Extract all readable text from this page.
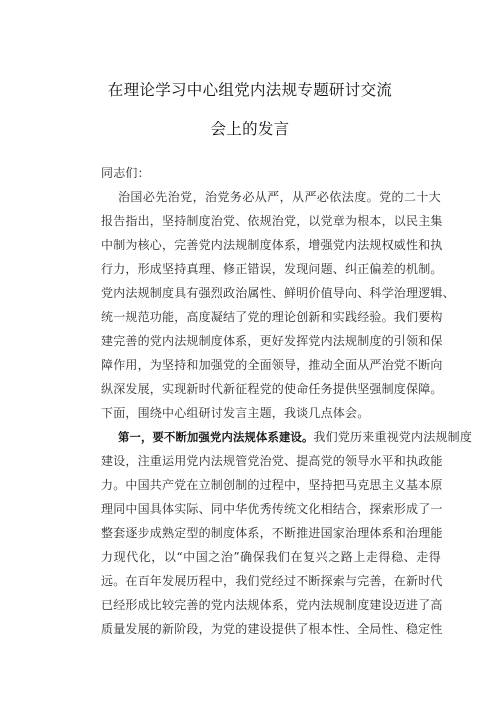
在理论学习中心组党内法规专题研讨交流
会上的发言
同志们：
治国必先治党，治党务必从严，从严必依法度。党的二十大
报告指出，坚持制度治党、依规治党，以党章为根本，以民主集
中制为核心，完善党内法规制度体系，增强党内法规权威性和执
行力，形成坚持真理、修正错误，发现问题、纠正偏差的机制。
党内法规制度具有强烈政治属性、鲜明价值导向、科学治理逻辑、
统一规范功能，高度凝结了党的理论创新和实践经验。我们要构
建完善的党内法规制度体系，更好发挥党内法规制度的引领和保
障作用，为坚持和加强党的全面领导，推动全面从严治党不断向
纵深发展，实现新时代新征程党的使命任务提供坚强制度保障。
下面，围绕中心组研讨发言主题，我谈几点体会。
第一，要不断加强党内法规体系建设。我们党历来重视党内法规制度
建设，注重运用党内法规管党治党、提高党的领导水平和执政能
力。中国共产党在立制创制的过程中，坚持把马克思主义基本原
理同中国具体实际、同中华优秀传统文化相结合，探索形成了一
整套逐步成熟定型的制度体系，不断推进国家治理体系和治理能
力现代化，以“中国之治”确保我们在复兴之路上走得稳、走得
远。在百年发展历程中，我们党经过不断探索与完善，在新时代
已经形成比较完善的党内法规体系，党内法规制度建设迈进了高
质量发展的新阶段，为党的建设提供了根本性、全局性、稳定性
